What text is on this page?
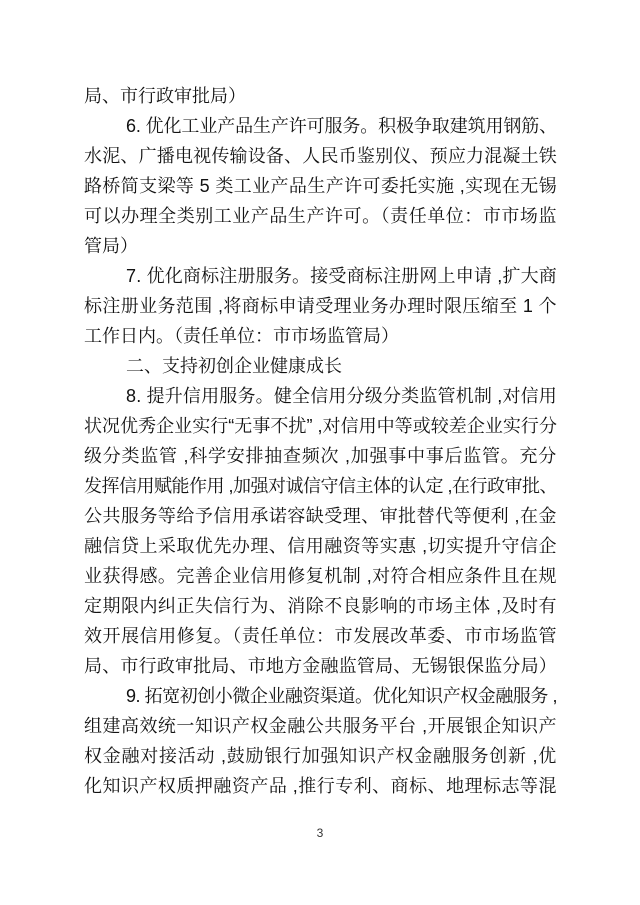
局、市行政审批局）
6. 优化工业产品生产许可服务。积极争取建筑用钢筋、
水泥、广播电视传输设备、人民币鉴别仪、预应力混凝土铁
路桥简支梁等 5 类工业产品生产许可委托实施 ,实现在无锡
可以办理全类别工业产品生产许可。（责任单位：市市场监
管局）
7. 优化商标注册服务。接受商标注册网上申请 ,扩大商
标注册业务范围 ,将商标申请受理业务办理时限压缩至 1 个
工作日内。（责任单位：市市场监管局）
二、支持初创企业健康成长
8. 提升信用服务。健全信用分级分类监管机制 ,对信用
状况优秀企业实行“无事不扰” ,对信用中等或较差企业实行分
级分类监管 ,科学安排抽查频次 ,加强事中事后监管。充分
发挥信用赋能作用 ,加强对诚信守信主体的认定 ,在行政审批、
公共服务等给予信用承诺容缺受理、审批替代等便利 ,在金
融信贷上采取优先办理、信用融资等实惠 ,切实提升守信企
业获得感。完善企业信用修复机制 ,对符合相应条件且在规
定期限内纠正失信行为、消除不良影响的市场主体 ,及时有
效开展信用修复。（责任单位：市发展改革委、市市场监管
局、市行政审批局、市地方金融监管局、无锡银保监分局）
9. 拓宽初创小微企业融资渠道。优化知识产权金融服务 ,
组建高效统一知识产权金融公共服务平台 ,开展银企知识产
权金融对接活动 ,鼓励银行加强知识产权金融服务创新 ,优
化知识产权质押融资产品 ,推行专利、商标、地理标志等混
3
